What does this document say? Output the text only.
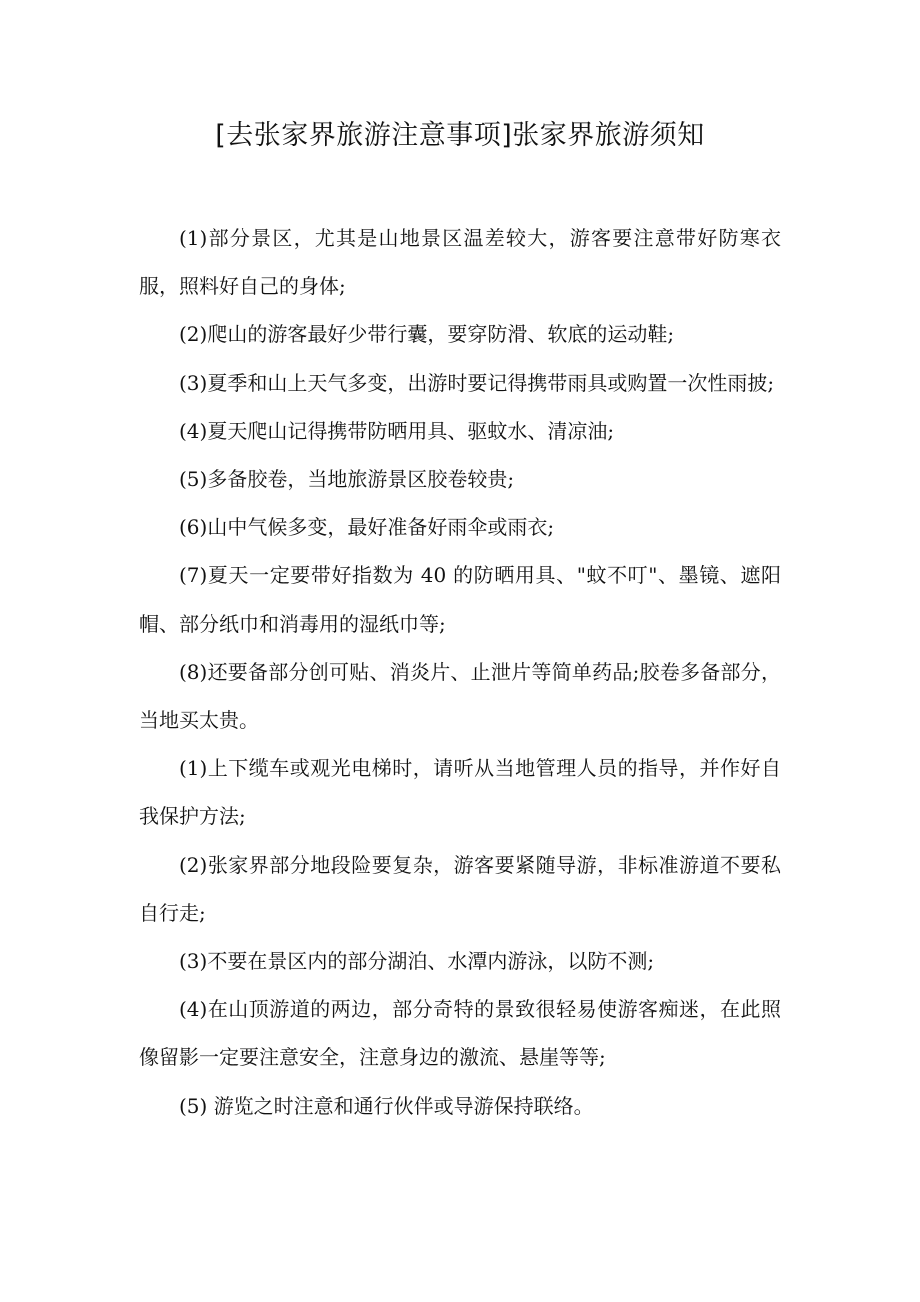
[去张家界旅游注意事项]张家界旅游须知

(1)部分景区，尤其是山地景区温差较大，游客要注意带好防寒衣服，照料好自己的身体;

(2)爬山的游客最好少带行囊，要穿防滑、软底的运动鞋;

(3)夏季和山上天气多变，出游时要记得携带雨具或购置一次性雨披;

(4)夏天爬山记得携带防晒用具、驱蚊水、清凉油;

(5)多备胶卷，当地旅游景区胶卷较贵;

(6)山中气候多变，最好准备好雨伞或雨衣;

(7)夏天一定要带好指数为 40 的防晒用具、"蚊不叮"、墨镜、遮阳帽、部分纸巾和消毒用的湿纸巾等;

(8)还要备部分创可贴、消炎片、止泄片等简单药品;胶卷多备部分，当地买太贵。

(1)上下缆车或观光电梯时，请听从当地管理人员的指导，并作好自我保护方法;

(2)张家界部分地段险要复杂，游客要紧随导游，非标准游道不要私自行走;

(3)不要在景区内的部分湖泊、水潭内游泳，以防不测;

(4)在山顶游道的两边，部分奇特的景致很轻易使游客痴迷，在此照像留影一定要注意安全，注意身边的激流、悬崖等等;

(5) 游览之时注意和通行伙伴或导游保持联络。
